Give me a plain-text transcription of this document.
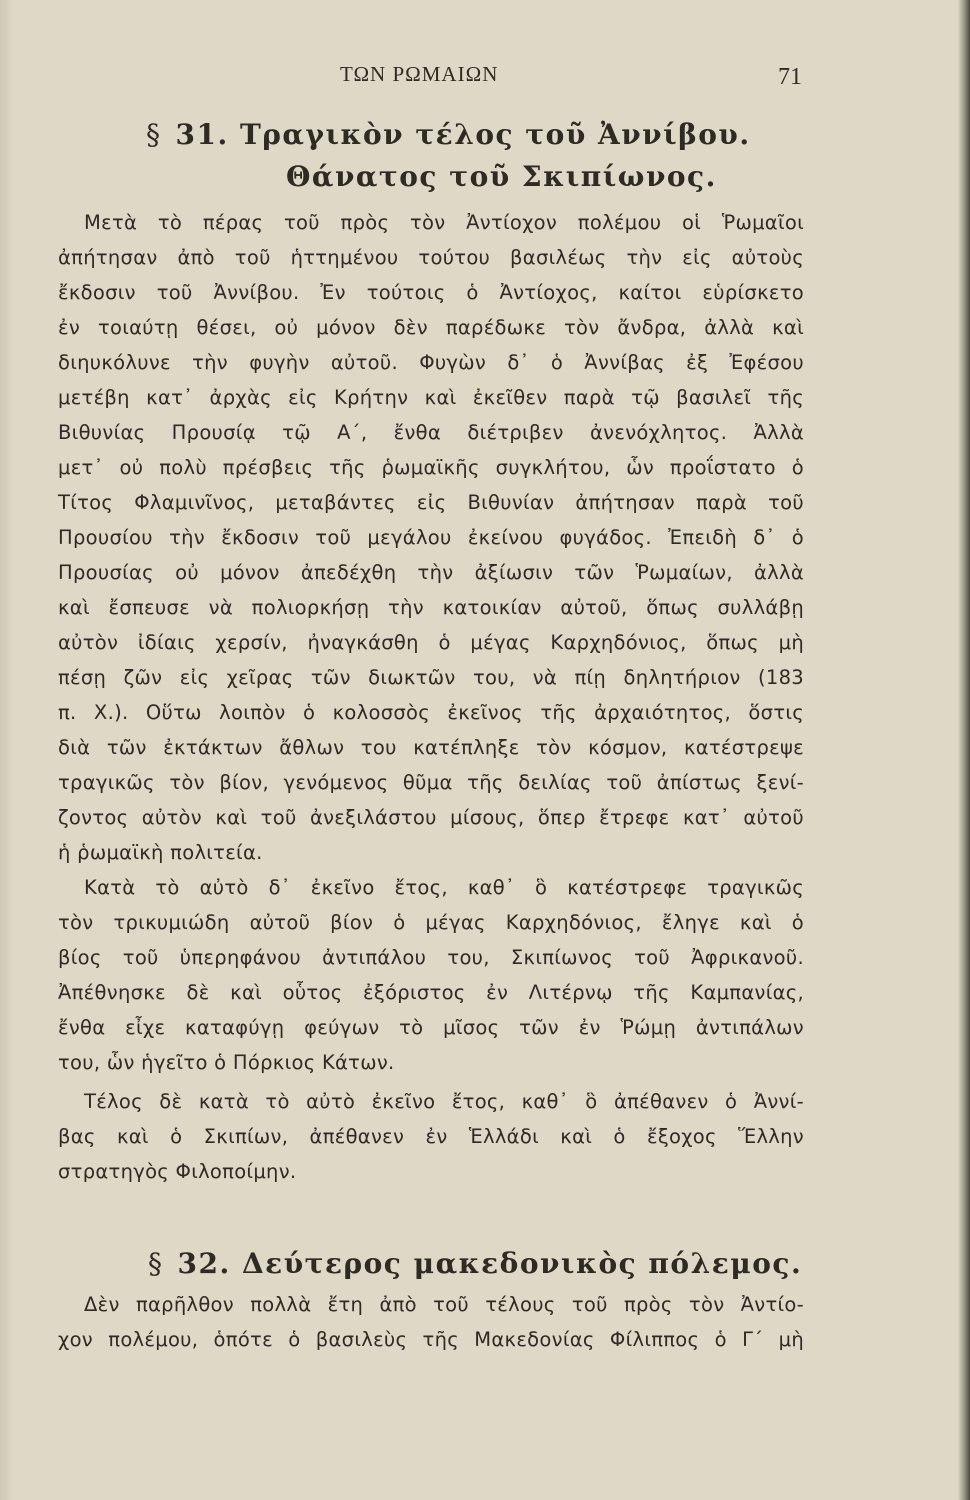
ΤΩΝ ΡΩΜΑΙΩΝ	71
§ 31. Τραγικὸν τέλος τοῦ Ἀννίβου.
Θάνατος τοῦ Σκιπίωνος.
Μετὰ τὸ πέρας τοῦ πρὸς τὸν Ἀντίοχον πολέμου οἱ Ῥωμαῖοι
ἀπήτησαν ἀπὸ τοῦ ἡττημένου τούτου βασιλέως τὴν εἰς αὐτοὺς
ἔκδοσιν τοῦ Ἀννίβου. Ἐν τούτοις ὁ Ἀντίοχος, καίτοι εὑρίσκετο
ἐν τοιαύτῃ θέσει, οὐ μόνον δὲν παρέδωκε τὸν ἄνδρα, ἀλλὰ καὶ
διηυκόλυνε τὴν φυγὴν αὐτοῦ. Φυγὼν δ᾽ ὁ Ἀννίβας ἐξ Ἐφέσου
μετέβη κατ᾽ ἀρχὰς εἰς Κρήτην καὶ ἐκεῖθεν παρὰ τῷ βασιλεῖ τῆς
Βιθυνίας Προυσίᾳ τῷ Α΄, ἔνθα διέτριβεν ἀνενόχλητος. Ἀλλὰ
μετ᾽ οὐ πολὺ πρέσβεις τῆς ῥωμαϊκῆς συγκλήτου, ὧν προΐστατο ὁ
Τίτος Φλαμινῖνος, μεταβάντες εἰς Βιθυνίαν ἀπήτησαν παρὰ τοῦ
Προυσίου τὴν ἔκδοσιν τοῦ μεγάλου ἐκείνου φυγάδος. Ἐπειδὴ δ᾽ ὁ
Προυσίας οὐ μόνον ἀπεδέχθη τὴν ἀξίωσιν τῶν Ῥωμαίων, ἀλλὰ
καὶ ἔσπευσε νὰ πολιορκήσῃ τὴν κατοικίαν αὐτοῦ, ὅπως συλλάβῃ
αὐτὸν ἰδίαις χερσίν, ἠναγκάσθη ὁ μέγας Καρχηδόνιος, ὅπως μὴ
πέσῃ ζῶν εἰς χεῖρας τῶν διωκτῶν του, νὰ πίῃ δηλητήριον (183
π. Χ.). Οὕτω λοιπὸν ὁ κολοσσὸς ἐκεῖνος τῆς ἀρχαιότητος, ὅστις
διὰ τῶν ἐκτάκτων ἄθλων του κατέπληξε τὸν κόσμον, κατέστρεψε
τραγικῶς τὸν βίον, γενόμενος θῦμα τῆς δειλίας τοῦ ἀπίστως ξενί-
ζοντος αὐτὸν καὶ τοῦ ἀνεξιλάστου μίσους, ὅπερ ἔτρεφε κατ᾽ αὐτοῦ
ἡ ῥωμαϊκὴ πολιτεία.
Κατὰ τὸ αὐτὸ δ᾽ ἐκεῖνο ἔτος, καθ᾽ ὃ κατέστρεφε τραγικῶς
τὸν τρικυμιώδη αὐτοῦ βίον ὁ μέγας Καρχηδόνιος, ἔληγε καὶ ὁ
βίος τοῦ ὑπερηφάνου ἀντιπάλου του, Σκιπίωνος τοῦ Ἀφρικανοῦ.
Ἀπέθνησκε δὲ καὶ οὗτος ἐξόριστος ἐν Λιτέρνῳ τῆς Καμπανίας,
ἔνθα εἶχε καταφύγῃ φεύγων τὸ μῖσος τῶν ἐν Ῥώμῃ ἀντιπάλων
του, ὧν ἡγεῖτο ὁ Πόρκιος Κάτων.
Τέλος δὲ κατὰ τὸ αὐτὸ ἐκεῖνο ἔτος, καθ᾽ ὃ ἀπέθανεν ὁ Ἀννί-
βας καὶ ὁ Σκιπίων, ἀπέθανεν ἐν Ἑλλάδι καὶ ὁ ἔξοχος Ἕλλην
στρατηγὸς Φιλοποίμην.
§ 32. Δεύτερος μακεδονικὸς πόλεμος.
Δὲν παρῆλθον πολλὰ ἔτη ἀπὸ τοῦ τέλους τοῦ πρὸς τὸν Ἀντίο-
χον πολέμου, ὁπότε ὁ βασιλεὺς τῆς Μακεδονίας Φίλιππος ὁ Γ΄ μὴ
